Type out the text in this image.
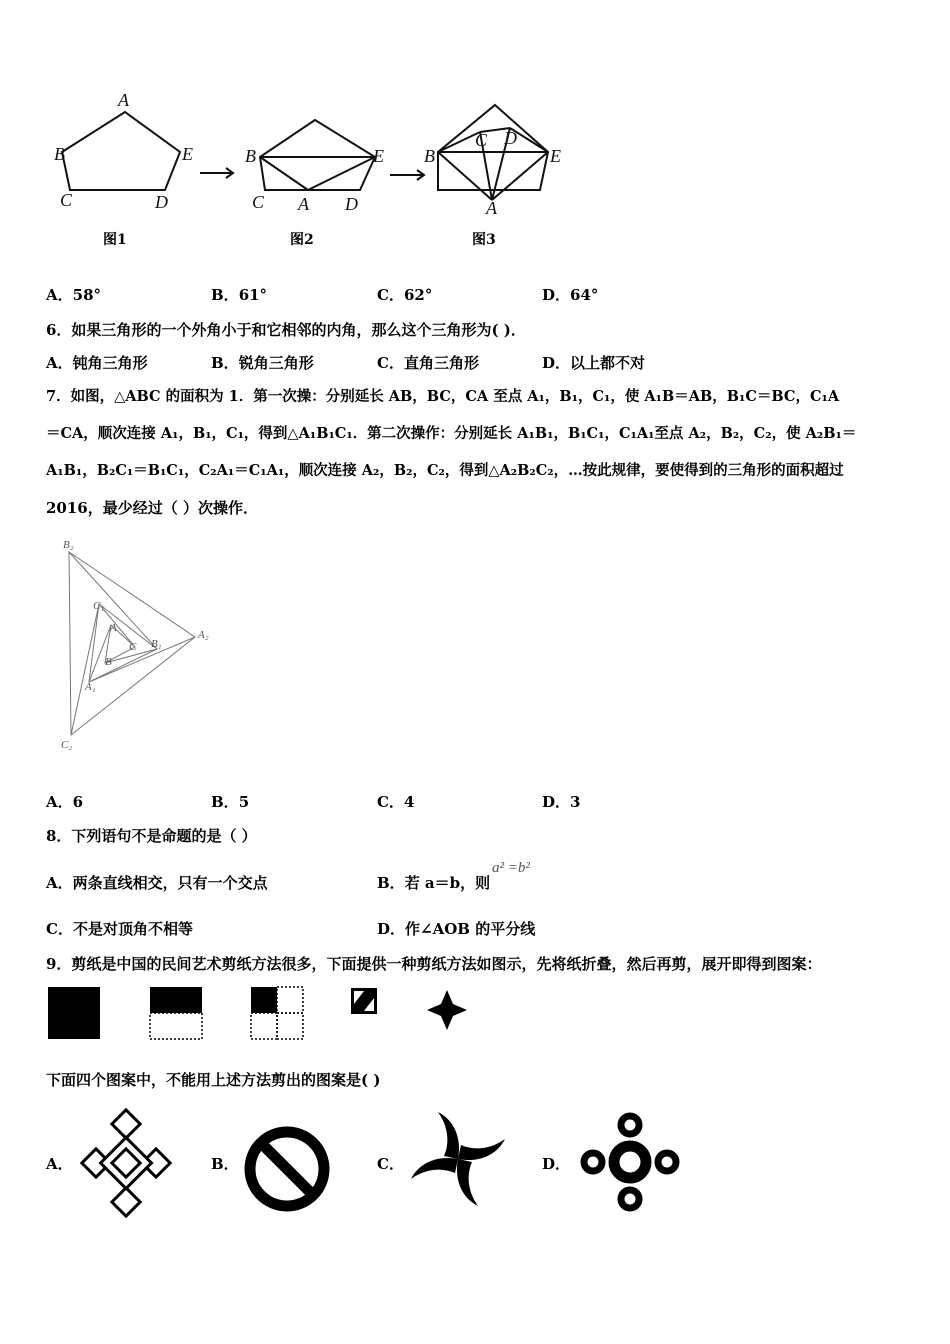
A
B	E
C	D
B	E
C A D
B	E
C D
A
图1	图2	图3
A．58°	B．61°	C．62°	D．64°
6．如果三角形的一个外角小于和它相邻的内角，那么这个三角形为( )．
A．钝角三角形	B．锐角三角形	C．直角三角形	D．以上都不对
7．如图，△ABC 的面积为 1．第一次操：分别延长 AB，BC，CA 至点 A₁，B₁，C₁，使 A₁B＝AB，B₁C＝BC，C₁A
＝CA，顺次连接 A₁，B₁，C₁，得到△A₁B₁C₁．第二次操作：分别延长 A₁B₁，B₁C₁，C₁A₁至点 A₂，B₂，C₂，使 A₂B₁＝
A₁B₁，B₂C₁＝B₁C₁，C₂A₁＝C₁A₁，顺次连接 A₂，B₂，C₂，得到△A₂B₂C₂，…按此规律，要使得到的三角形的面积超过
2016，最少经过（ ）次操作．
B₂
A₂
C₂
C₁
B₁
A₁
A
C
B
A．6	B．5	C．4	D．3
8．下列语句不是命题的是（ ）
A．两条直线相交，只有一个交点	B．若 a＝b，则
a² =b²
C．不是对顶角不相等	D．作∠AOB 的平分线
9．剪纸是中国的民间艺术剪纸方法很多，下面提供一种剪纸方法如图示，先将纸折叠，然后再剪，展开即得到图案：
下面四个图案中，不能用上述方法剪出的图案是( )
A．	B．	C．	D．
